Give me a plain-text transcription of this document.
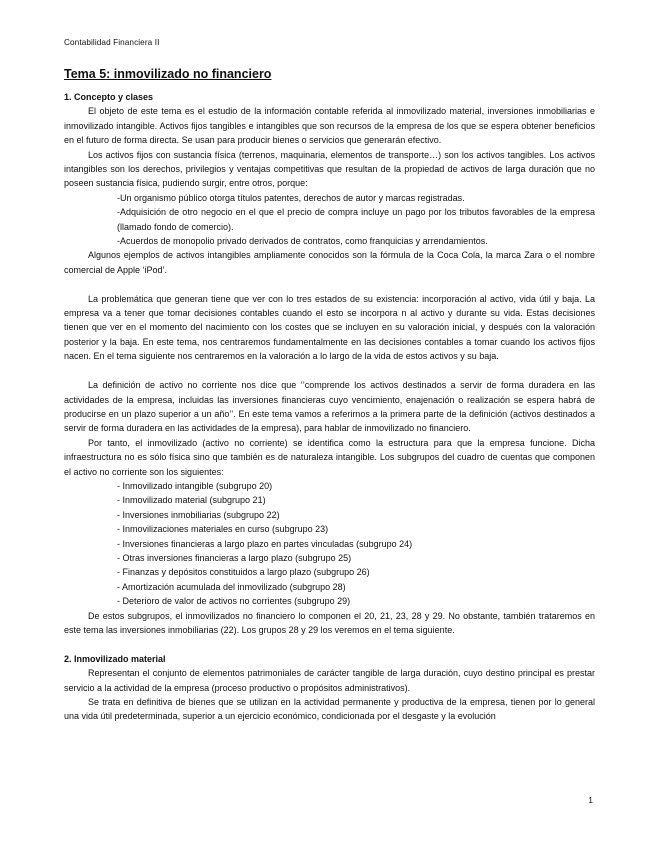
Contabilidad Financiera II
Tema 5: inmovilizado no financiero
1. Concepto y clases

El objeto de este tema es el estudio de la información contable referida al inmovilizado material, inversiones inmobiliarias e inmovilizado intangible. Activos fijos tangibles e intangibles que son recursos de la empresa de los que se espera obtener beneficios en el futuro de forma directa. Se usan para producir bienes o servicios que generarán efectivo.

Los activos fijos con sustancia física (terrenos, maquinaria, elementos de transporte…) son los activos tangibles. Los activos intangibles son los derechos, privilegios y ventajas competitivas que resultan de la propiedad de activos de larga duración que no poseen sustancia física, pudiendo surgir, entre otros, porque:

-Un organismo público otorga títulos patentes, derechos de autor y marcas registradas.
-Adquisición de otro negocio en el que el precio de compra incluye un pago por los tributos favorables de la empresa (llamado fondo de comercio).
-Acuerdos de monopolio privado derivados de contratos, como franquicias y arrendamientos.

Algunos ejemplos de activos intangibles ampliamente conocidos son la fórmula de la Coca Cola, la marca Zara o el nombre comercial de Apple ‘iPod’.

La problemática que generan tiene que ver con lo tres estados de su existencia: incorporación al activo, vida útil y baja. La empresa va a tener que tomar decisiones contables cuando el esto se incorpora n al activo y durante su vida. Estas decisiones tienen que ver en el momento del nacimiento con los costes que se incluyen en su valoración inicial, y después con la valoración posterior y la baja. En este tema, nos centraremos fundamentalmente en las decisiones contables a tomar cuando los activos fijos nacen. En el tema siguiente nos centraremos en la valoración a lo largo de la vida de estos activos y su baja.

La definición de activo no corriente nos dice que ‘’comprende los activos destinados a servir de forma duradera en las actividades de la empresa, incluidas las inversiones financieras cuyo vencimiento, enajenación o realización se espera habrá de producirse en un plazo superior a un año’’. En este tema vamos a referirnos a la primera parte de la definición (activos destinados a servir de forma duradera en las actividades de la empresa), para hablar de inmovilizado no financiero.

Por tanto, el inmovilizado (activo no corriente) se identifica como la estructura para que la empresa funcione. Dicha infraestructura no es sólo física sino que también es de naturaleza intangible. Los subgrupos del cuadro de cuentas que componen el activo no corriente son los siguientes:

- Inmovilizado intangible (subgrupo 20)
- Inmovilizado material (subgrupo 21)
- Inversiones inmobiliarias (subgrupo 22)
- Inmovilizaciones materiales en curso (subgrupo 23)
- Inversiones financieras a largo plazo en partes vinculadas (subgrupo 24)
- Otras inversiones financieras a largo plazo (subgrupo 25)
- Finanzas y depósitos constituidos a largo plazo (subgrupo 26)
- Amortización acumulada del inmovilizado (subgrupo 28)
- Deterioro de valor de activos no corrientes (subgrupo 29)

De estos subgrupos, el inmovilizados no financiero lo componen el 20, 21, 23, 28 y 29. No obstante, también trataremos en este tema las inversiones inmobiliarias (22). Los grupos 28 y 29 los veremos en el tema siguiente.

2. Inmovilizado material

Representan el conjunto de elementos patrimoniales de carácter tangible de larga duración, cuyo destino principal es prestar servicio a la actividad de la empresa (proceso productivo o propósitos administrativos).

Se trata en definitiva de bienes que se utilizan en la actividad permanente y productiva de la empresa, tienen por lo general una vida útil predeterminada, superior a un ejercicio económico, condicionada por el desgaste y la evolución

1
